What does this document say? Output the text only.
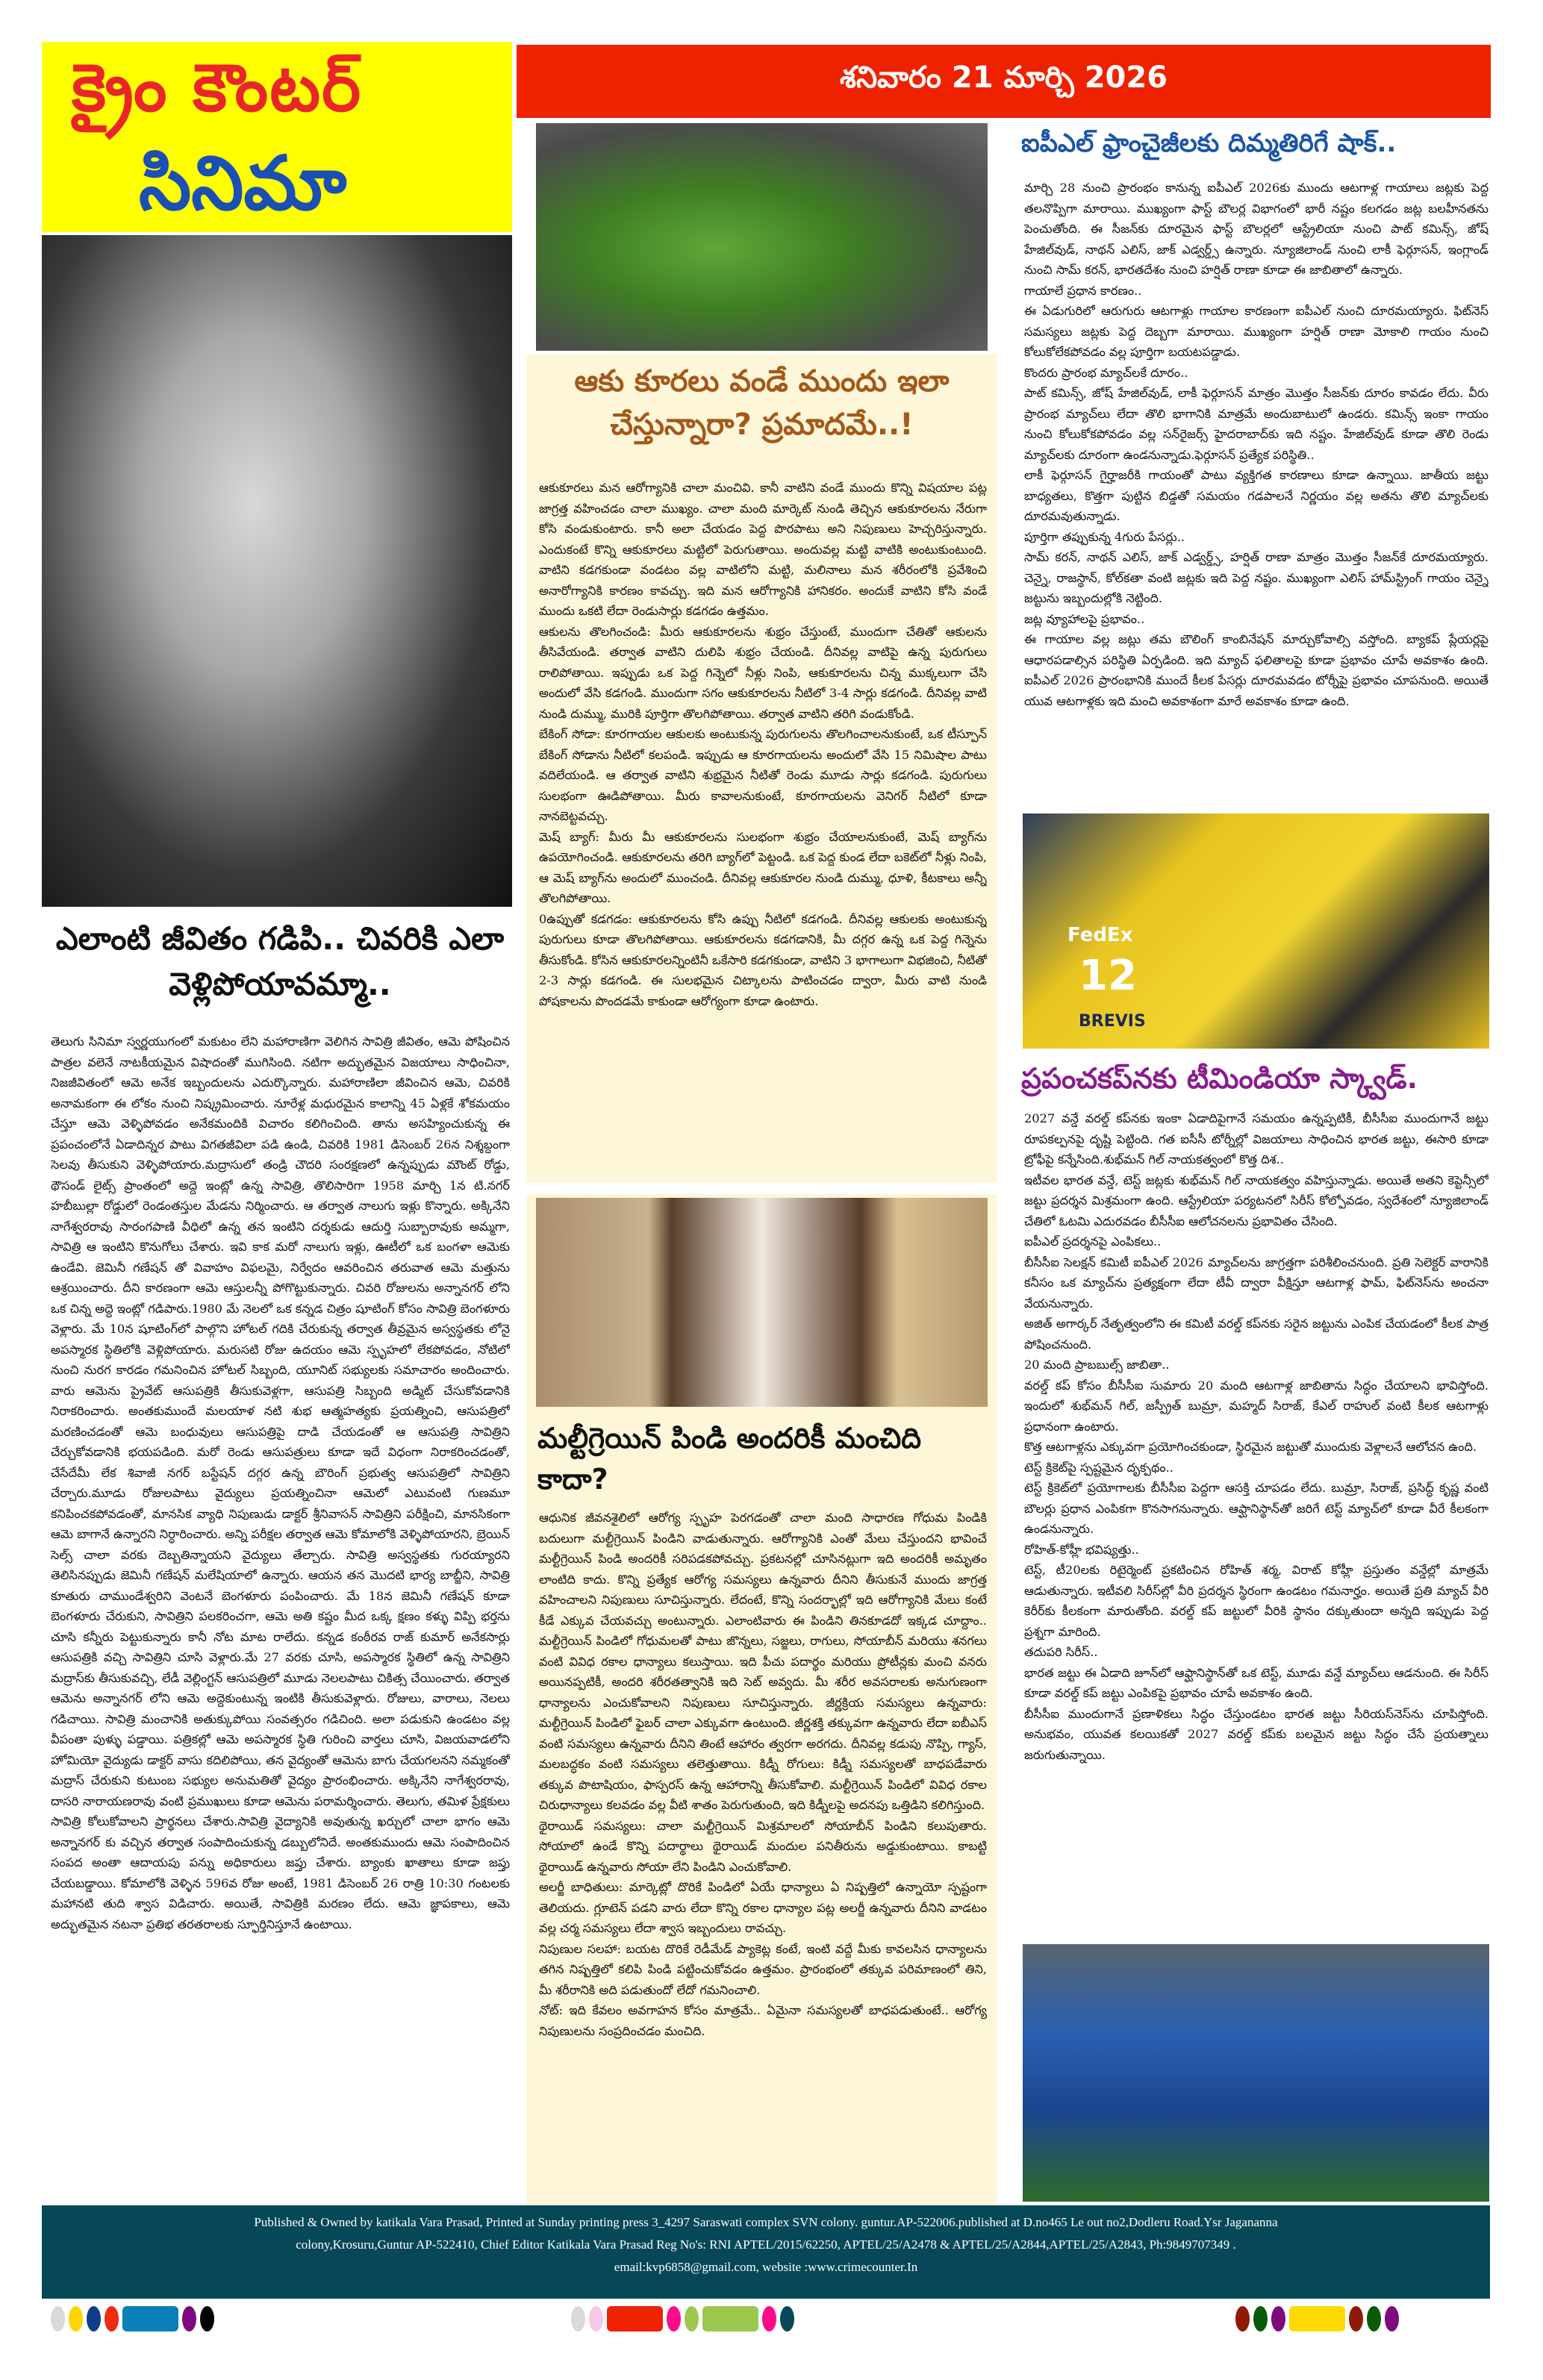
క్రైం కౌంటర్
సినిమా
శనివారం 21 మార్చి 2026
ఎలాంటి జీవితం గడిపి.. చివరికి ఎలా వెళ్లిపోయావమ్మా..

తెలుగు సినిమా స్వర్ణయుగంలో మకుటం లేని మహారాణిగా వెలిగిన సావిత్రి జీవితం, ఆమె పోషించిన పాత్రల వలెనే నాటకీయమైన విషాదంతో ముగిసింది. నటిగా అద్భుతమైన విజయాలు సాధించినా, నిజజీవితంలో ఆమె అనేక ఇబ్బందులను ఎదుర్కొన్నారు. మహారాణిలా జీవించిన ఆమె, చివరికి అనామకంగా ఈ లోకం నుంచి నిష్క్రమించారు. నూరేళ్ల మధురమైన కాలాన్ని 45 ఏళ్లకే శోకమయం చేస్తూ ఆమె వెళ్ళిపోవడం అనేకమందికి విచారం కలిగించింది. తాను అసహ్యించుకున్న ఈ ప్రపంచంలోనే ఏడాదిన్నర పాటు విగతజీవిలా పడి ఉండి, చివరికి 1981 డిసెంబర్ 26న నిశ్శబ్దంగా సెలవు తీసుకుని వెళ్ళిపోయారు.మద్రాసులో తండ్రి చౌదరి సంరక్షణలో ఉన్నప్పుడు మౌంట్ రోడ్డు, థౌసండ్ లైట్స్ ప్రాంతంలో అద్దె ఇంట్లో ఉన్న సావిత్రి, తొలిసారిగా 1958 మార్చి 1న టి.నగర్ హబీబుల్లా రోడ్డులో రెండంతస్తుల మేడను నిర్మించారు. ఆ తర్వాత నాలుగు ఇళ్లు కొన్నారు. అక్కినేని నాగేశ్వరరావు సారంగపాణి వీధిలో ఉన్న తన ఇంటిని దర్శకుడు ఆదుర్తి సుబ్బారావుకు అమ్మగా, సావిత్రి ఆ ఇంటిని కొనుగోలు చేశారు. ఇవి కాక మరో నాలుగు ఇళ్లు, ఊటీలో ఒక బంగళా ఆమెకు ఉండేవి. జెమినీ గణేషన్ తో వివాహం విఫలమై, నిర్వేదం ఆవరించిన తరువాత ఆమె మత్తును ఆశ్రయించారు. దీని కారణంగా ఆమె ఆస్తులన్నీ పోగొట్టుకున్నారు. చివరి రోజులను అన్నానగర్ లోని ఒక చిన్న అద్దె ఇంట్లో గడిపారు.1980 మే నెలలో ఒక కన్నడ చిత్రం షూటింగ్ కోసం సావిత్రి బెంగళూరు వెళ్లారు. మే 10న షూటింగ్‌లో పాల్గొని హోటల్ గదికి చేరుకున్న తర్వాత తీవ్రమైన అస్వస్థతకు లోనై అపస్మారక స్థితిలోకి వెళ్లిపోయారు. మరుసటి రోజు ఉదయం ఆమె స్పృహలో లేకపోవడం, నోటిలో నుంచి నురగ కారడం గమనించిన హోటల్ సిబ్బంది, యూనిట్ సభ్యులకు సమాచారం అందించారు. వారు ఆమెను ప్రైవేట్ ఆసుపత్రికి తీసుకువెళ్లగా, ఆసుపత్రి సిబ్బంది అడ్మిట్ చేసుకోవడానికి నిరాకరించారు. అంతకుముందే మలయాళ నటి శుభ ఆత్మహత్యకు ప్రయత్నించి, ఆసుపత్రిలో మరణించడంతో ఆమె బంధువులు ఆసుపత్రిపై దాడి చేయడంతో ఆ ఆసుపత్రి సావిత్రిని చేర్చుకోవడానికి భయపడింది. మరో రెండు ఆసుపత్రులు కూడా ఇదే విధంగా నిరాకరించడంతో, చేసేదేమీ లేక శివాజీ నగర్ బస్టేషన్ దగ్గర ఉన్న బౌరింగ్ ప్రభుత్వ ఆసుపత్రిలో సావిత్రిని చేర్చారు.మూడు రోజులపాటు వైద్యులు ప్రయత్నించినా ఆమెలో ఎటువంటి గుణమూ కనిపించకపోవడంతో, మానసిక వ్యాధి నిపుణుడు డాక్టర్ శ్రీనివాసన్ సావిత్రిని పరీక్షించి, మానసికంగా ఆమె బాగానే ఉన్నారని నిర్ధారించారు. అన్ని పరీక్షల తర్వాత ఆమె కోమాలోకి వెళ్ళిపోయారని, బ్రెయిన్ సెల్స్ చాలా వరకు దెబ్బతిన్నాయని వైద్యులు తేల్చారు. సావిత్రి అస్వస్థతకు గురయ్యారని తెలిసినప్పుడు జెమినీ గణేషన్ మలేషియాలో ఉన్నారు. ఆయన తన మొదటి భార్య బాబ్జీని, సావిత్రి కూతురు చాముండేశ్వరిని వెంటనే బెంగళూరు పంపించారు. మే 18న జెమినీ గణేషన్ కూడా బెంగళూరు చేరుకుని, సావిత్రిని పలకరించగా, ఆమె అతి కష్టం మీద ఒక్క క్షణం కళ్ళు విప్పి భర్తను చూసి కన్నీరు పెట్టుకున్నారు కానీ నోట మాట రాలేదు. కన్నడ కంఠీరవ రాజ్ కుమార్ అనేకసార్లు ఆసుపత్రికి వచ్చి సావిత్రిని చూసి వెళ్లారు.మే 27 వరకు చూసి, అపస్మారక స్థితిలో ఉన్న సావిత్రిని మద్రాస్‌కు తీసుకువచ్చి, లేడీ వెల్లింగ్టన్ ఆసుపత్రిలో మూడు నెలలపాటు చికిత్స చేయించారు. తర్వాత ఆమెను అన్నానగర్ లోని ఆమె అద్దెకుంటున్న ఇంటికి తీసుకువెళ్లారు. రోజులు, వారాలు, నెలలు గడిచాయి. సావిత్రి మంచానికి అతుక్కుపోయి సంవత్సరం గడిచింది. అలా పడుకుని ఉండటం వల్ల వీపంతా పుళ్ళు పడ్డాయి. పత్రికల్లో ఆమె అపస్మారక స్థితి గురించి వార్తలు చూసి, విజయవాడలోని హోమియో వైద్యుడు డాక్టర్ వాసు కదిలిపోయి, తన వైద్యంతో ఆమెను బాగు చేయగలనని నమ్మకంతో మద్రాస్ చేరుకుని కుటుంబ సభ్యుల అనుమతితో వైద్యం ప్రారంభించారు. అక్కినేని నాగేశ్వరరావు, దాసరి నారాయణరావు వంటి ప్రముఖులు కూడా ఆమెను పరామర్శించారు. తెలుగు, తమిళ ప్రేక్షకులు సావిత్రి కోలుకోవాలని ప్రార్థనలు చేశారు.సావిత్రి వైద్యానికి అవుతున్న ఖర్చులో చాలా భాగం ఆమె అన్నానగర్ కు వచ్చిన తర్వాత సంపాదించుకున్న డబ్బులోనిదే. అంతకుముందు ఆమె సంపాదించిన సంపద అంతా ఆదాయపు పన్ను అధికారులు జప్తు చేశారు. బ్యాంకు ఖాతాలు కూడా జప్తు చేయబడ్డాయి. కోమాలోకి వెళ్ళిన 596వ రోజు అంటే, 1981 డిసెంబర్ 26 రాత్రి 10:30 గంటలకు మహానటి తుది శ్వాస విడిచారు. అయితే, సావిత్రికి మరణం లేదు. ఆమె జ్ఞాపకాలు, ఆమె అద్భుతమైన నటనా ప్రతిభ తరతరాలకు స్ఫూర్తినిస్తూనే ఉంటాయి.

ఆకు కూరలు వండే ముందు ఇలా చేస్తున్నారా? ప్రమాదమే..!

ఆకుకూరలు మన ఆరోగ్యానికి చాలా మంచివి. కానీ వాటిని వండే ముందు కొన్ని విషయాల పట్ల జాగ్రత్త వహించడం చాలా ముఖ్యం. చాలా మంది మార్కెట్ నుండి తెచ్చిన ఆకుకూరలను నేరుగా కోసి వండుకుంటారు. కానీ అలా చేయడం పెద్ద పొరపాటు అని నిపుణులు హెచ్చరిస్తున్నారు. ఎందుకంటే కొన్ని ఆకుకూరలు మట్టిలో పెరుగుతాయి. అందువల్ల మట్టి వాటికి అంటుకుంటుంది. వాటిని కడగకుండా వండటం వల్ల వాటిలోని మట్టి, మలినాలు మన శరీరంలోకి ప్రవేశించి అనారోగ్యానికి కారణం కావచ్చు. ఇది మన ఆరోగ్యానికి హానికరం. అందుకే వాటిని కోసి వండే ముందు ఒకటి లేదా రెండుసార్లు కడగడం ఉత్తమం.

ఆకులను తొలగించండి: మీరు ఆకుకూరలను శుభ్రం చేస్తుంటే, ముందుగా చేతితో ఆకులను తీసివేయండి. తర్వాత వాటిని దులిపి శుభ్రం చేయండి. దీనివల్ల వాటిపై ఉన్న పురుగులు రాలిపోతాయి. ఇప్పుడు ఒక పెద్ద గిన్నెలో నీళ్లు నింపి, ఆకుకూరలను చిన్న ముక్కలుగా చేసి అందులో వేసి కడగండి. ముందుగా సగం ఆకుకూరలను నీటిలో 3-4 సార్లు కడగండి. దీనివల్ల వాటి నుండి దుమ్ము, మురికి పూర్తిగా తొలగిపోతాయి. తర్వాత వాటిని తరిగి వండుకోండి.

బేకింగ్ సోడా: కూరగాయల ఆకులకు అంటుకున్న పురుగులను తొలగించాలనుకుంటే, ఒక టీస్పూన్ బేకింగ్ సోడాను నీటిలో కలపండి. ఇప్పుడు ఆ కూరగాయలను అందులో వేసి 15 నిమిషాల పాటు వదిలేయండి. ఆ తర్వాత వాటిని శుభ్రమైన నీటితో రెండు మూడు సార్లు కడగండి. పురుగులు సులభంగా ఊడిపోతాయి. మీరు కావాలనుకుంటే, కూరగాయలను వెనిగర్ నీటిలో కూడా నానబెట్టవచ్చు.

మెష్ బ్యాగ్: మీరు మీ ఆకుకూరలను సులభంగా శుభ్రం చేయాలనుకుంటే, మెష్ బ్యాగ్‌ను ఉపయోగించండి. ఆకుకూరలను తరిగి బ్యాగ్‌లో పెట్టండి. ఒక పెద్ద కుండ లేదా బకెట్‌లో నీళ్లు నింపి, ఆ మెష్ బ్యాగ్‌ను అందులో ముంచండి. దీనివల్ల ఆకుకూరల నుండి దుమ్ము, ధూళి, కీటకాలు అన్నీ తొలగిపోతాయి.

0ఉప్పుతో కడగడం: ఆకుకూరలను కోసి ఉప్పు నీటిలో కడగండి. దీనివల్ల ఆకులకు అంటుకున్న పురుగులు కూడా తొలగిపోతాయి. ఆకుకూరలను కడగడానికి, మీ దగ్గర ఉన్న ఒక పెద్ద గిన్నెను తీసుకోండి. కోసిన ఆకుకూరలన్నింటినీ ఒకేసారి కడగకుండా, వాటిని 3 భాగాలుగా విభజించి, నీటితో 2-3 సార్లు కడగండి. ఈ సులభమైన చిట్కాలను పాటించడం ద్వారా, మీరు వాటి నుండి పోషకాలను పొందడమే కాకుండా ఆరోగ్యంగా కూడా ఉంటారు.

మల్టీగ్రెయిన్ పిండి అందరికీ మంచిది కాదా?

ఆధునిక జీవనశైలిలో ఆరోగ్య స్పృహ పెరగడంతో చాలా మంది సాధారణ గోధుమ పిండికి బదులుగా మల్టీగ్రెయిన్ పిండిని వాడుతున్నారు. ఆరోగ్యానికి ఎంతో మేలు చేస్తుందని భావించే మల్టీగ్రెయిన్ పిండి అందరికీ సరిపడకపోవచ్చు. ప్రకటనల్లో చూసినట్లుగా ఇది అందరికీ అమృతం లాంటిది కాదు. కొన్ని ప్రత్యేక ఆరోగ్య సమస్యలు ఉన్నవారు దీనిని తీసుకునే ముందు జాగ్రత్త వహించాలని నిపుణులు సూచిస్తున్నారు. లేదంటే, కొన్ని సందర్భాల్లో ఇది ఆరోగ్యానికి మేలు కంటే కీడే ఎక్కువ చేయవచ్చు అంటున్నారు. ఎలాంటివారు ఈ పిండిని తినకూడదో ఇక్కడ చూద్దాం.. మల్టీగ్రెయిన్ పిండిలో గోధుమలతో పాటు జొన్నలు, సజ్జలు, రాగులు, సోయాబీన్ మరియు శనగలు వంటి వివిధ రకాల ధాన్యాలు కలుస్తాయి. ఇది పీచు పదార్థం మరియు ప్రోటీన్లకు మంచి వనరు అయినప్పటికీ, అందరి శరీరతత్వానికి ఇది సెట్ అవ్వదు. మీ శరీర అవసరాలకు అనుగుణంగా ధాన్యాలను ఎంచుకోవాలని నిపుణులు సూచిస్తున్నారు. జీర్ణక్రియ సమస్యలు ఉన్నవారు: మల్టీగ్రెయిన్ పిండిలో ఫైబర్ చాలా ఎక్కువగా ఉంటుంది. జీర్ణశక్తి తక్కువగా ఉన్నవారు లేదా ఐబీఎస్ వంటి సమస్యలు ఉన్నవారు దీనిని తింటే ఆహారం త్వరగా అరగదు. దీనివల్ల కడుపు నొప్పి, గ్యాస్, మలబద్ధకం వంటి సమస్యలు తలెత్తుతాయి. కిడ్నీ రోగులు: కిడ్నీ సమస్యలతో బాధపడేవారు తక్కువ పొటాషియం, ఫాస్పరస్ ఉన్న ఆహారాన్ని తీసుకోవాలి. మల్టీగ్రెయిన్ పిండిలో వివిధ రకాల చిరుధాన్యాలు కలవడం వల్ల వీటి శాతం పెరుగుతుంది, ఇది కిడ్నీలపై అదనపు ఒత్తిడిని కలిగిస్తుంది.

థైరాయిడ్ సమస్యలు: చాలా మల్టీగ్రెయిన్ మిశ్రమాలలో సోయాబీన్ పిండిని కలుపుతారు. సోయాలో ఉండే కొన్ని పదార్థాలు థైరాయిడ్ మందుల పనితీరును అడ్డుకుంటాయి. కాబట్టి థైరాయిడ్ ఉన్నవారు సోయా లేని పిండిని ఎంచుకోవాలి.

అలర్జీ బాధితులు: మార్కెట్లో దొరికే పిండిలో ఏయే ధాన్యాలు ఏ నిష్పత్తిలో ఉన్నాయో స్పష్టంగా తెలియదు. గ్లూటెన్ పడని వారు లేదా కొన్ని రకాల ధాన్యాల పట్ల అలర్జీ ఉన్నవారు దీనిని వాడటం వల్ల చర్మ సమస్యలు లేదా శ్వాస ఇబ్బందులు రావచ్చు.

నిపుణుల సలహా: బయట దొరికే రెడీమేడ్ ప్యాకెట్ల కంటే, ఇంటి వద్దే మీకు కావలసిన ధాన్యాలను తగిన నిష్పత్తిలో కలిపి పిండి పట్టించుకోవడం ఉత్తమం. ప్రారంభంలో తక్కువ పరిమాణంలో తిని, మీ శరీరానికి అది పడుతుందో లేదో గమనించాలి.

నోట్: ఇది కేవలం అవగాహన కోసం మాత్రమే.. ఏమైనా సమస్యలతో బాధపడుతుంటే.. ఆరోగ్య నిపుణులను సంప్రదించడం మంచిది.

ఐపీఎల్ ఫ్రాంచైజీలకు దిమ్మతిరిగే షాక్..

మార్చి 28 నుంచి ప్రారంభం కానున్న ఐపీఎల్ 2026కు ముందు ఆటగాళ్ల గాయాలు జట్లకు పెద్ద తలనొప్పిగా మారాయి. ముఖ్యంగా ఫాస్ట్ బౌలర్ల విభాగంలో భారీ నష్టం కలగడం జట్ల బలహీనతను పెంచుతోంది. ఈ సీజన్‌కు దూరమైన ఫాస్ట్ బౌలర్లలో ఆస్ట్రేలియా నుంచి పాట్ కమిన్స్, జోష్ హేజిల్‌వుడ్, నాథన్ ఎలిస్, జాక్ ఎడ్వర్డ్స్ ఉన్నారు. న్యూజిలాండ్ నుంచి లాకీ ఫెర్గూసన్, ఇంగ్లాండ్ నుంచి సామ్ కరన్, భారతదేశం నుంచి హర్షిత్ రాణా కూడా ఈ జాబితాలో ఉన్నారు.

గాయాలే ప్రధాన కారణం..

ఈ ఏడుగురిలో ఆరుగురు ఆటగాళ్లు గాయాల కారణంగా ఐపీఎల్ నుంచి దూరమయ్యారు. ఫిట్‌నెస్ సమస్యలు జట్లకు పెద్ద దెబ్బగా మారాయి. ముఖ్యంగా హర్షిత్ రాణా మోకాలి గాయం నుంచి కోలుకోలేకపోవడం వల్ల పూర్తిగా బయటపడ్డాడు.

కొందరు ప్రారంభ మ్యాచ్‌లకే దూరం..

పాట్ కమిన్స్, జోష్ హేజిల్‌వుడ్, లాకీ ఫెర్గూసన్ మాత్రం మొత్తం సీజన్‌కు దూరం కావడం లేదు. వీరు ప్రారంభ మ్యాచ్‌లు లేదా తొలి భాగానికి మాత్రమే అందుబాటులో ఉండరు. కమిన్స్ ఇంకా గాయం నుంచి కోలుకోకపోవడం వల్ల సన్‌రైజర్స్ హైదరాబాద్‌కు ఇది నష్టం. హేజిల్‌వుడ్ కూడా తొలి రెండు మ్యాచ్‌లకు దూరంగా ఉండనున్నాడు.ఫెర్గూసన్ ప్రత్యేక పరిస్థితి..

లాకీ ఫెర్గూసన్ గైర్హాజరీకి గాయంతో పాటు వ్యక్తిగత కారణాలు కూడా ఉన్నాయి. జాతీయ జట్టు బాధ్యతలు, కొత్తగా పుట్టిన బిడ్డతో సమయం గడపాలనే నిర్ణయం వల్ల అతను తొలి మ్యాచ్‌లకు దూరమవుతున్నాడు.

పూర్తిగా తప్పుకున్న 4గురు పేసర్లు..

సామ్ కరన్, నాథన్ ఎలిస్, జాక్ ఎడ్వర్డ్స్, హర్షిత్ రాణా మాత్రం మొత్తం సీజన్‌కే దూరమయ్యారు. చెన్నై, రాజస్థాన్, కోల్‌కతా వంటి జట్లకు ఇది పెద్ద నష్టం. ముఖ్యంగా ఎలిస్ హామ్‌స్ట్రింగ్ గాయం చెన్నై జట్టును ఇబ్బందుల్లోకి నెట్టింది.

జట్ల వ్యూహాలపై ప్రభావం..

ఈ గాయాల వల్ల జట్లు తమ బౌలింగ్ కాంబినేషన్ మార్చుకోవాల్సి వస్తోంది. బ్యాకప్ ప్లేయర్లపై ఆధారపడాల్సిన పరిస్థితి ఏర్పడింది. ఇది మ్యాచ్ ఫలితాలపై కూడా ప్రభావం చూపే అవకాశం ఉంది. ఐపీఎల్ 2026 ప్రారంభానికి ముందే కీలక పేసర్లు దూరమవడం టోర్నీపై ప్రభావం చూపనుంది. అయితే యువ ఆటగాళ్లకు ఇది మంచి అవకాశంగా మారే అవకాశం కూడా ఉంది.

FedEx
12
BREVIS
ప్రపంచకప్‌నకు టీమిండియా స్క్వాడ్.

2027 వన్డే వరల్డ్ కప్‌నకు ఇంకా ఏడాదిపైగానే సమయం ఉన్నప్పటికీ, బీసీసీఐ ముందుగానే జట్టు రూపకల్పనపై దృష్టి పెట్టింది. గత ఐసీసీ టోర్నీల్లో విజయాలు సాధించిన భారత జట్టు, ఈసారి కూడా ట్రోఫీపై కన్నేసింది.శుభ్‌మన్ గిల్ నాయకత్వంలో కొత్త దిశ..

ఇటీవల భారత వన్డే, టెస్ట్ జట్లకు శుభ్‌మన్ గిల్ నాయకత్వం వహిస్తున్నాడు. అయితే అతని కెప్టెన్సీలో జట్టు ప్రదర్శన మిశ్రమంగా ఉంది. ఆస్ట్రేలియా పర్యటనలో సిరీస్ కోల్పోవడం, స్వదేశంలో న్యూజిలాండ్ చేతిలో ఓటమి ఎదురవడం బీసీసీఐ ఆలోచనలను ప్రభావితం చేసింది.

ఐపీఎల్ ప్రదర్శనపై ఎంపికలు..

బీసీసీఐ సెలక్షన్ కమిటీ ఐపీఎల్ 2026 మ్యాచ్‌లను జాగ్రత్తగా పరిశీలించనుంది. ప్రతి సెలెక్టర్ వారానికి కనీసం ఒక మ్యాచ్‌ను ప్రత్యక్షంగా లేదా టీవీ ద్వారా వీక్షిస్తూ ఆటగాళ్ల ఫామ్, ఫిట్‌నెస్‌ను అంచనా వేయనున్నారు.

అజిత్ అగార్కర్ నేతృత్వంలోని ఈ కమిటీ వరల్డ్ కప్‌నకు సరైన జట్టును ఎంపిక చేయడంలో కీలక పాత్ర పోషించనుంది.

20 మంది ప్రాబబుల్స్ జాబితా..

వరల్డ్ కప్ కోసం బీసీసీఐ సుమారు 20 మంది ఆటగాళ్ల జాబితాను సిద్ధం చేయాలని భావిస్తోంది. ఇందులో శుభ్‌మన్ గిల్, జస్ప్రీత్ బుమ్రా, మహ్మద్ సిరాజ్, కేఎల్ రాహుల్ వంటి కీలక ఆటగాళ్లు ప్రధానంగా ఉంటారు.

కొత్త ఆటగాళ్లను ఎక్కువగా ప్రయోగించకుండా, స్థిరమైన జట్టుతో ముందుకు వెళ్లాలనే ఆలోచన ఉంది.

టెస్ట్ క్రికెట్‌పై స్పష్టమైన దృక్పథం..

టెస్ట్ క్రికెట్‌లో ప్రయోగాలకు బీసీసీఐ పెద్దగా ఆసక్తి చూపడం లేదు. బుమ్రా, సిరాజ్, ప్రసిద్ధ్ కృష్ణ వంటి బౌలర్లు ప్రధాన ఎంపికగా కొనసాగనున్నారు. ఆఫ్ఘానిస్థాన్‌తో జరిగే టెస్ట్ మ్యాచ్‌లో కూడా వీరే కీలకంగా ఉండనున్నారు.

రోహిత్-కోహ్లీ భవిష్యత్తు..

టెస్ట్, టీ20లకు రిటైర్మెంట్ ప్రకటించిన రోహిత్ శర్మ, విరాట్ కోహ్లీ ప్రస్తుతం వన్డేల్లో మాత్రమే ఆడుతున్నారు. ఇటీవలి సిరీస్‌ల్లో వీరి ప్రదర్శన స్థిరంగా ఉండటం గమనార్హం. అయితే ప్రతి మ్యాచ్ వీరి కెరీర్‌కు కీలకంగా మారుతోంది. వరల్డ్ కప్ జట్టులో వీరికి స్థానం దక్కుతుందా అన్నది ఇప్పుడు పెద్ద ప్రశ్నగా మారింది.

తదుపరి సిరీస్..

భారత జట్టు ఈ ఏడాది జూన్‌లో ఆఫ్ఘానిస్థాన్‌తో ఒక టెస్ట్, మూడు వన్డే మ్యాచ్‌లు ఆడనుంది. ఈ సిరీస్ కూడా వరల్డ్ కప్ జట్టు ఎంపికపై ప్రభావం చూపే అవకాశం ఉంది.

బీసీసీఐ ముందుగానే ప్రణాళికలు సిద్ధం చేస్తుండటం భారత జట్టు సీరియస్‌నెస్‌ను చూపిస్తోంది. అనుభవం, యువత కలయికతో 2027 వరల్డ్ కప్‌కు బలమైన జట్టు సిద్ధం చేసే ప్రయత్నాలు జరుగుతున్నాయి.

Published & Owned by katikala Vara Prasad, Printed at Sunday printing press 3_4297 Saraswati complex SVN colony. guntur.AP-522006.published at D.no465 Le out no2,Dodleru Road.Ysr Jagananna

colony,Krosuru,Guntur AP-522410, Chief Editor Katikala Vara Prasad Reg No's: RNI APTEL/2015/62250, APTEL/25/A2478 & APTEL/25/A2844,APTEL/25/A2843, Ph:9849707349 .

email:kvp6858@gmail.com, website :www.crimecounter.In
